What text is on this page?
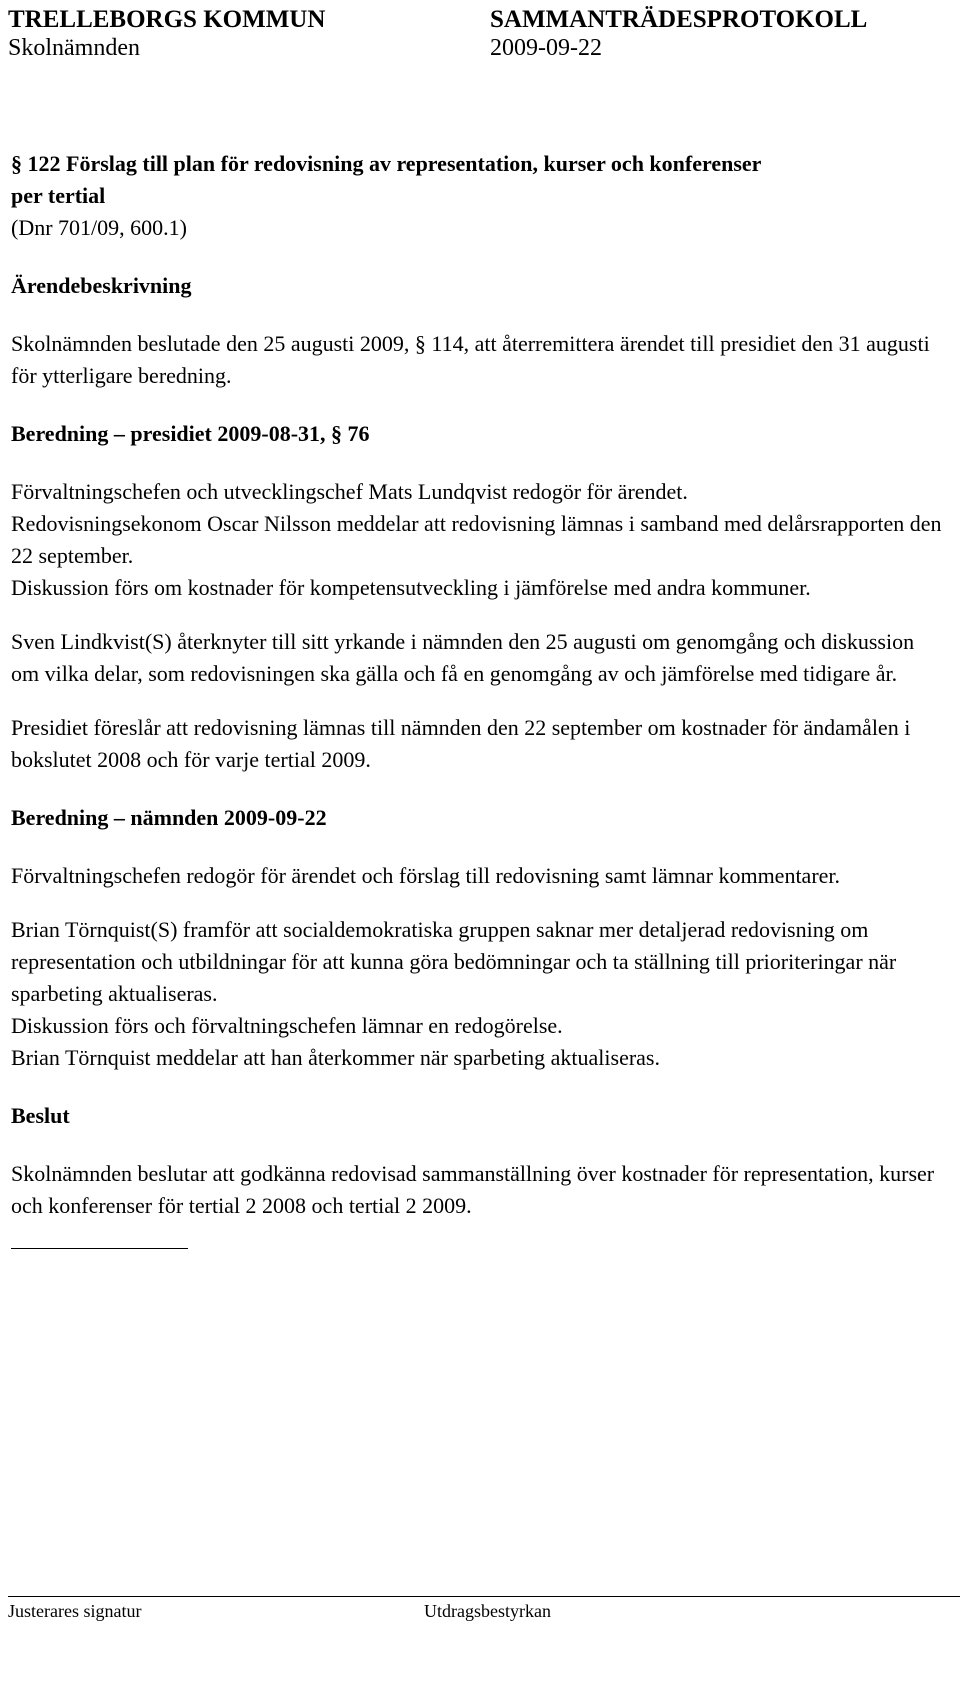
TRELLEBORGS KOMMUN	SAMMANTRÄDESPROTOKOLL
Skolnämnden	2009-09-22

§ 122 Förslag till plan för redovisning av representation, kurser och konferenser
per tertial

(Dnr 701/09, 600.1)

Ärendebeskrivning

Skolnämnden beslutade den 25 augusti 2009, § 114, att återremittera ärendet till presidiet den 31 augusti för ytterligare beredning.

Beredning – presidiet 2009-08-31, § 76

Förvaltningschefen och utvecklingschef Mats Lundqvist redogör för ärendet.

Redovisningsekonom Oscar Nilsson meddelar att redovisning lämnas i samband med delårsrapporten den 22 september.

Diskussion förs om kostnader för kompetensutveckling i jämförelse med andra kommuner.

Sven Lindkvist(S) återknyter till sitt yrkande i nämnden den 25 augusti om genomgång och diskussion om vilka delar, som redovisningen ska gälla och få en genomgång av och jämförelse med tidigare år.

Presidiet föreslår att redovisning lämnas till nämnden den 22 september om kostnader för ändamålen i bokslutet 2008 och för varje tertial 2009.

Beredning – nämnden 2009-09-22

Förvaltningschefen redogör för ärendet och förslag till redovisning samt lämnar kommentarer.

Brian Törnquist(S) framför att socialdemokratiska gruppen saknar mer detaljerad redovisning om representation och utbildningar för att kunna göra bedömningar och ta ställning till prioriteringar när sparbeting aktualiseras.

Diskussion förs och förvaltningschefen lämnar en redogörelse.

Brian Törnquist meddelar att han återkommer när sparbeting aktualiseras.

Beslut

Skolnämnden beslutar att godkänna redovisad sammanställning över kostnader för representation, kurser och konferenser för tertial 2 2008 och tertial 2 2009.

Justerares signatur	Utdragsbestyrkan
